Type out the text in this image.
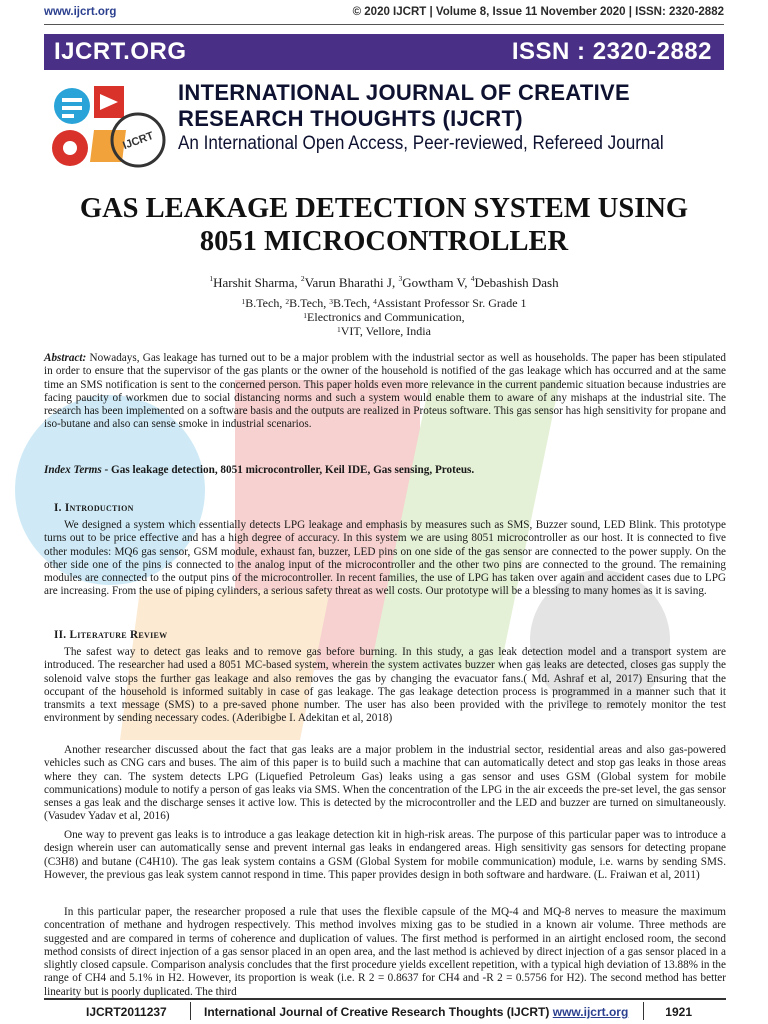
www.ijcrt.org	© 2020 IJCRT | Volume 8, Issue 11 November 2020 | ISSN: 2320-2882
IJCRT.ORG	ISSN : 2320-2882
IJCRT
INTERNATIONAL JOURNAL OF CREATIVE
RESEARCH THOUGHTS (IJCRT)
An International Open Access, Peer-reviewed, Refereed Journal
GAS LEAKAGE DETECTION SYSTEM USING
8051 MICROCONTROLLER
$^1$Harshit Sharma, $^2$Varun Bharathi J, $^3$Gowtham V, $^4$Debashish Dash
$^1$B.Tech, $^2$B.Tech, $^3$B.Tech, $^4$Assistant Professor Sr. Grade 1
$^1$Electronics and Communication,
$^1$VIT, Vellore, India
Abstract: Nowadays, Gas leakage has turned out to be a major problem with the industrial sector as well as households. The paper has been stipulated in order to ensure that the supervisor of the gas plants or the owner of the household is notified of the gas leakage which has occurred and at the same time an SMS notification is sent to the concerned person. This paper holds even more relevance in the current pandemic situation because industries are facing paucity of workmen due to social distancing norms and such a system would enable them to aware of any mishaps at the industrial site. The research has been implemented on a software basis and the outputs are realized in Proteus software. This gas sensor has high sensitivity for propane and iso-butane and also can sense smoke in industrial scenarios.
Index Terms - Gas leakage detection, 8051 microcontroller, Keil IDE, Gas sensing, Proteus.
I. Introduction
We designed a system which essentially detects LPG leakage and emphasis by measures such as SMS, Buzzer sound, LED Blink. This prototype turns out to be price effective and has a high degree of accuracy. In this system we are using 8051 microcontroller as our host. It is connected to five other modules: MQ6 gas sensor, GSM module, exhaust fan, buzzer, LED pins on one side of the gas sensor are connected to the power supply. On the other side one of the pins is connected to the analog input of the microcontroller and the other two pins are connected to the ground. The remaining modules are connected to the output pins of the microcontroller. In recent families, the use of LPG has taken over again and accident cases due to LPG are increasing. From the use of piping cylinders, a serious safety threat as well costs. Our prototype will be a blessing to many homes as it is saving.
II. Literature Review
The safest way to detect gas leaks and to remove gas before burning. In this study, a gas leak detection model and a transport system are introduced. The researcher had used a 8051 MC-based system, wherein the system activates buzzer when gas leaks are detected, closes gas supply the solenoid valve stops the further gas leakage and also removes the gas by changing the evacuator fans.( Md. Ashraf et al, 2017) Ensuring that the occupant of the household is informed suitably in case of gas leakage. The gas leakage detection process is programmed in a manner such that it transmits a text message (SMS) to a pre-saved phone number. The user has also been provided with the privilege to remotely monitor the test environment by sending necessary codes. (Aderibigbe I. Adekitan et al, 2018)
Another researcher discussed about the fact that gas leaks are a major problem in the industrial sector, residential areas and also gas-powered vehicles such as CNG cars and buses. The aim of this paper is to build such a machine that can automatically detect and stop gas leaks in those areas where they can. The system detects LPG (Liquefied Petroleum Gas) leaks using a gas sensor and uses GSM (Global system for mobile communications) module to notify a person of gas leaks via SMS. When the concentration of the LPG in the air exceeds the pre-set level, the gas sensor senses a gas leak and the discharge senses it active low. This is detected by the microcontroller and the LED and buzzer are turned on simultaneously. (Vasudev Yadav et al, 2016)
One way to prevent gas leaks is to introduce a gas leakage detection kit in high-risk areas. The purpose of this particular paper was to introduce a design wherein user can automatically sense and prevent internal gas leaks in endangered areas. High sensitivity gas sensors for detecting propane (C3H8) and butane (C4H10). The gas leak system contains a GSM (Global System for mobile communication) module, i.e. warns by sending SMS. However, the previous gas leak system cannot respond in time. This paper provides design in both software and hardware. (L. Fraiwan et al, 2011)
In this particular paper, the researcher proposed a rule that uses the flexible capsule of the MQ-4 and MQ-8 nerves to measure the maximum concentration of methane and hydrogen respectively. This method involves mixing gas to be studied in a known air volume. Three methods are suggested and are compared in terms of coherence and duplication of values. The first method is performed in an airtight enclosed room, the second method consists of direct injection of a gas sensor placed in an open area, and the last method is achieved by direct injection of a gas sensor placed in a slightly closed capsule. Comparison analysis concludes that the first procedure yields excellent repetition, with a typical high deviation of 13.88% in the range of CH4 and 5.1% in H2. However, its proportion is weak (i.e. R 2 = 0.8637 for CH4 and -R 2 = 0.5756 for H2). The second method has better linearity but is poorly duplicated. The third
IJCRT2011237	International Journal of Creative Research Thoughts (IJCRT) www.ijcrt.org	1921
